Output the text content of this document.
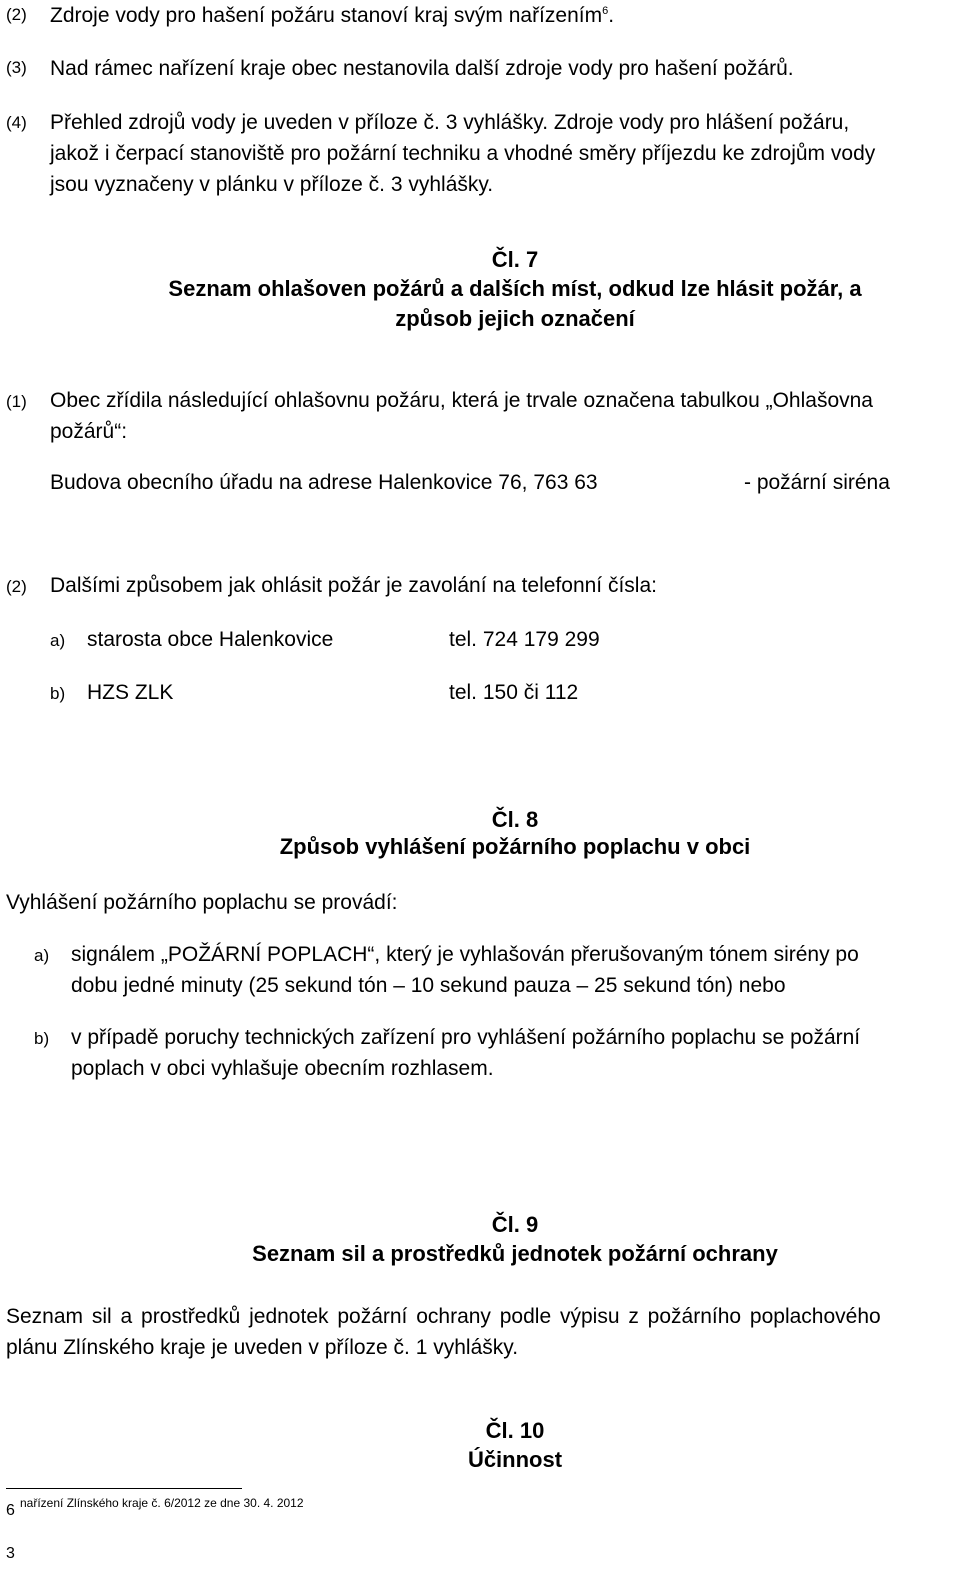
(2) Zdroje vody pro hašení požáru stanoví kraj svým nařízením$^6$.
(3) Nad rámec nařízení kraje obec nestanovila další zdroje vody pro hašení požárů.
(4) Přehled zdrojů vody je uveden v příloze č. 3 vyhlášky. Zdroje vody pro hlášení požáru,
jakož i čerpací stanoviště pro požární techniku a vhodné směry příjezdu ke zdrojům vody
jsou vyznačeny v plánku v příloze č. 3 vyhlášky.
Čl. 7
Seznam ohlašoven požárů a dalších míst, odkud lze hlásit požár, a
způsob jejich označení
(1) Obec zřídila následující ohlašovnu požáru, která je trvale označena tabulkou „Ohlašovna
požárů“:
Budova obecního úřadu na adrese Halenkovice 76, 763 63	- požární siréna
(2) Dalšími způsobem jak ohlásit požár je zavolání na telefonní čísla:
a) starosta obce Halenkovice	tel. 724 179 299
b) HZS ZLK	tel. 150 či 112
Čl. 8
Způsob vyhlášení požárního poplachu v obci
Vyhlášení požárního poplachu se provádí:
a) signálem „POŽÁRNÍ POPLACH“, který je vyhlašován přerušovaným tónem sirény po
dobu jedné minuty (25 sekund tón – 10 sekund pauza – 25 sekund tón) nebo
b) v případě poruchy technických zařízení pro vyhlášení požárního poplachu se požární
poplach v obci vyhlašuje obecním rozhlasem.
Čl. 9
Seznam sil a prostředků jednotek požární ochrany
Seznam sil a prostředků jednotek požární ochrany podle výpisu z požárního poplachového
plánu Zlínského kraje je uveden v příloze č. 1 vyhlášky.
Čl. 10
Účinnost
6 nařízení Zlínského kraje č. 6/2012 ze dne 30. 4. 2012
3
